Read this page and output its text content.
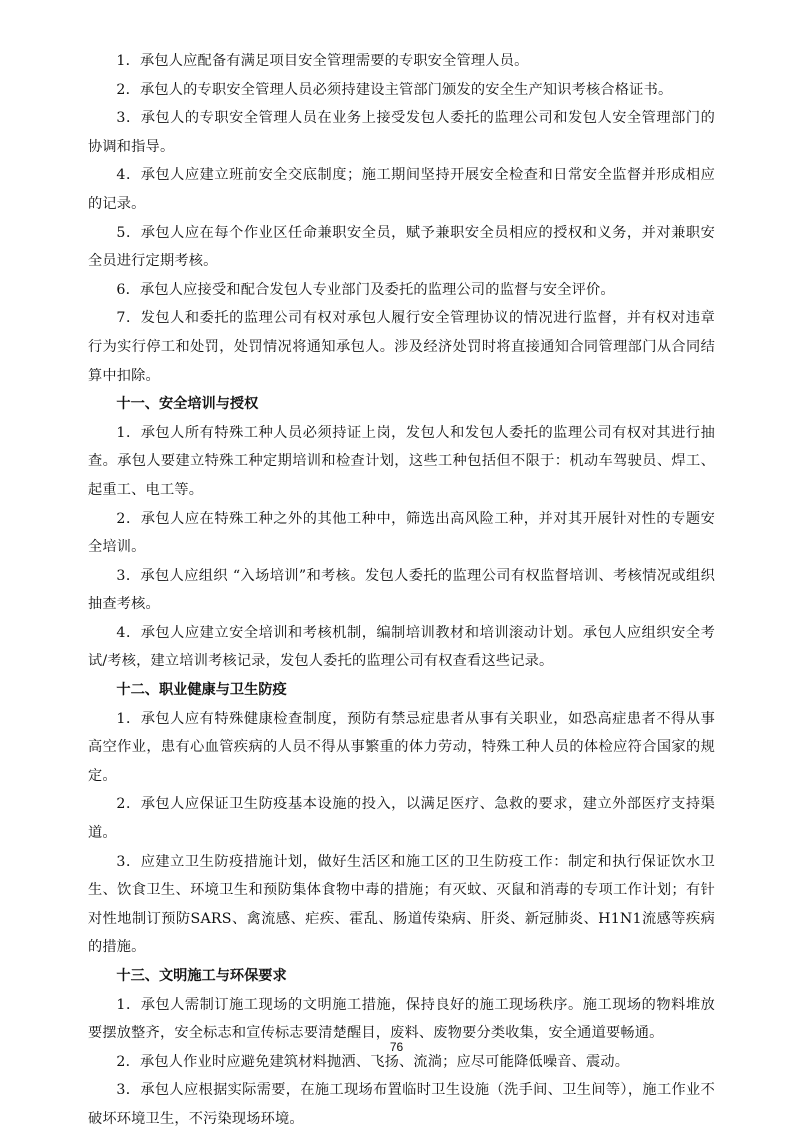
1．承包人应配备有满足项目安全管理需要的专职安全管理人员。

2．承包人的专职安全管理人员必须持建设主管部门颁发的安全生产知识考核合格证书。

3．承包人的专职安全管理人员在业务上接受发包人委托的监理公司和发包人安全管理部门的协调和指导。

4．承包人应建立班前安全交底制度；施工期间坚持开展安全检查和日常安全监督并形成相应的记录。

5．承包人应在每个作业区任命兼职安全员，赋予兼职安全员相应的授权和义务，并对兼职安全员进行定期考核。

6．承包人应接受和配合发包人专业部门及委托的监理公司的监督与安全评价。

7．发包人和委托的监理公司有权对承包人履行安全管理协议的情况进行监督，并有权对违章行为实行停工和处罚，处罚情况将通知承包人。涉及经济处罚时将直接通知合同管理部门从合同结算中扣除。

十一、安全培训与授权

1．承包人所有特殊工种人员必须持证上岗，发包人和发包人委托的监理公司有权对其进行抽查。承包人要建立特殊工种定期培训和检查计划，这些工种包括但不限于：机动车驾驶员、焊工、起重工、电工等。

2．承包人应在特殊工种之外的其他工种中，筛选出高风险工种，并对其开展针对性的专题安全培训。

3．承包人应组织 “入场培训”和考核。发包人委托的监理公司有权监督培训、考核情况或组织抽查考核。

4．承包人应建立安全培训和考核机制，编制培训教材和培训滚动计划。承包人应组织安全考试/考核，建立培训考核记录，发包人委托的监理公司有权查看这些记录。

十二、职业健康与卫生防疫

1．承包人应有特殊健康检查制度，预防有禁忌症患者从事有关职业，如恐高症患者不得从事高空作业，患有心血管疾病的人员不得从事繁重的体力劳动，特殊工种人员的体检应符合国家的规定。

2．承包人应保证卫生防疫基本设施的投入，以满足医疗、急救的要求，建立外部医疗支持渠道。

3．应建立卫生防疫措施计划，做好生活区和施工区的卫生防疫工作：制定和执行保证饮水卫生、饮食卫生、环境卫生和预防集体食物中毒的措施；有灭蚊、灭鼠和消毒的专项工作计划；有针对性地制订预防SARS、禽流感、疟疾、霍乱、肠道传染病、肝炎、新冠肺炎、H1N1流感等疾病的措施。

十三、文明施工与环保要求

1．承包人需制订施工现场的文明施工措施，保持良好的施工现场秩序。施工现场的物料堆放要摆放整齐，安全标志和宣传标志要清楚醒目，废料、废物要分类收集，安全通道要畅通。

2．承包人作业时应避免建筑材料抛洒、飞扬、流淌；应尽可能降低噪音、震动。

3．承包人应根据实际需要，在施工现场布置临时卫生设施（洗手间、卫生间等），施工作业不破坏环境卫生，不污染现场环境。

76
